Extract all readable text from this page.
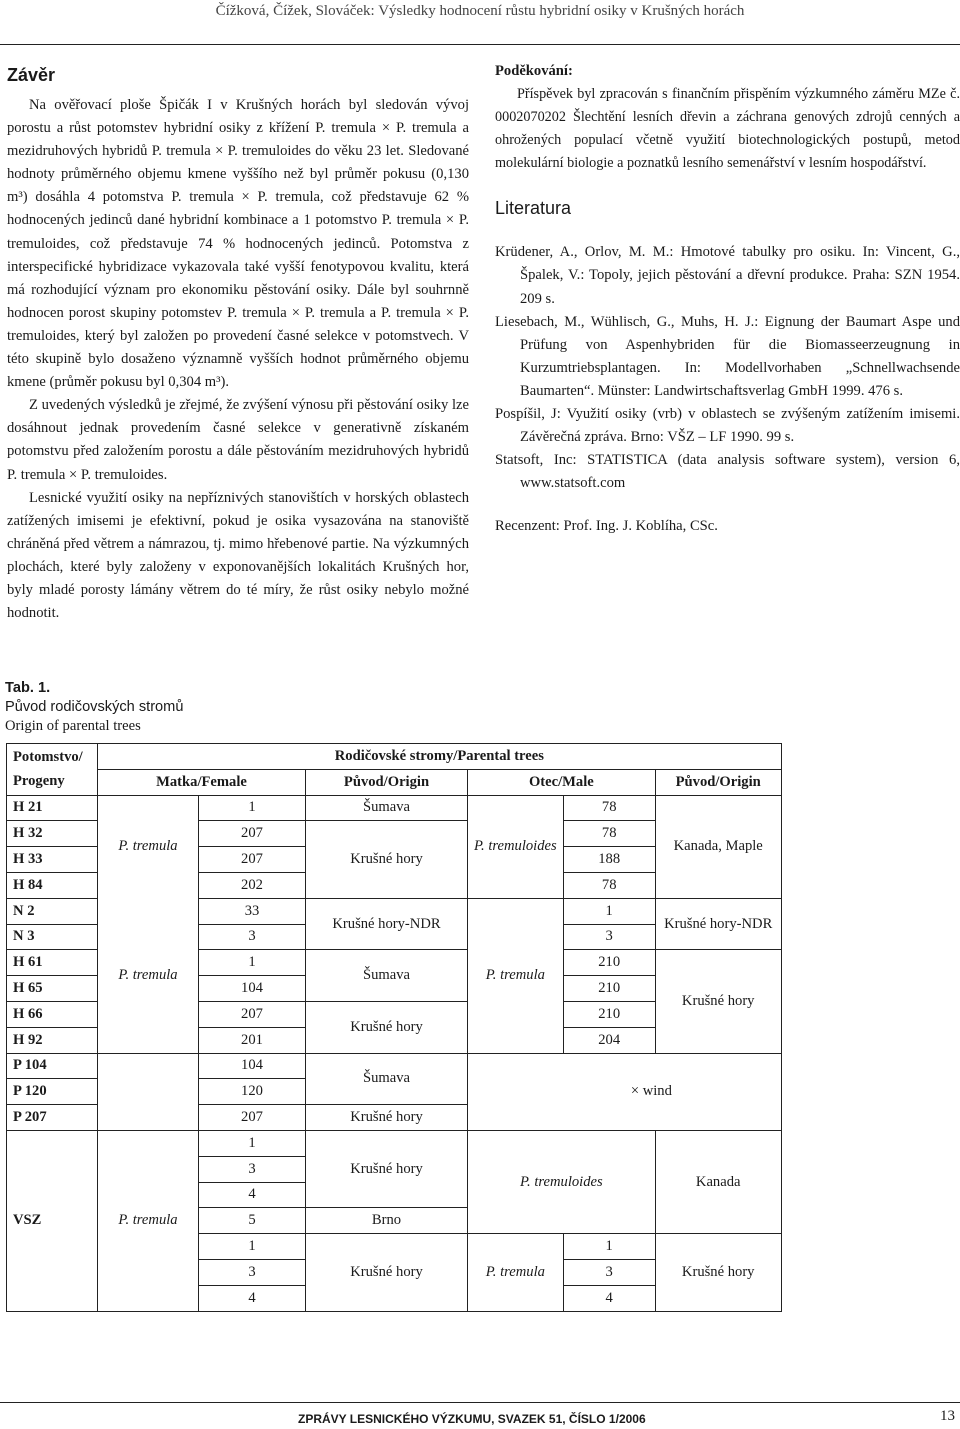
Čížková, Čížek, Slováček: Výsledky hodnocení růstu hybridní osiky v Krušných horách
Závěr

Na ověřovací ploše Špičák I v Krušných horách byl sledován vývoj porostu a růst potomstev hybridní osiky z křížení P. tremula × P. tremula a mezidruhových hybridů P. tremula × P. tremuloides do věku 23 let. Sledované hodnoty průměrného objemu kmene vyššího než byl průměr pokusu (0,130 m³) dosáhla 4 potomstva P. tremula × P. tremula, což představuje 62 % hodnocených jedinců dané hybridní kombinace a 1 potomstvo P. tremula × P. tremuloides, což představuje 74 % hodnocených jedinců. Potomstva z interspecifické hybridizace vykazovala také vyšší fenotypovou kvalitu, která má rozhodující význam pro ekonomiku pěstování osiky. Dále byl souhrnně hodnocen porost skupiny potomstev P. tremula × P. tremula a P. tremula × P. tremuloides, který byl založen po provedení časné selekce v potomstvech. V této skupině bylo dosaženo významně vyšších hodnot průměrného objemu kmene (průměr pokusu byl 0,304 m³).

Z uvedených výsledků je zřejmé, že zvýšení výnosu při pěstování osiky lze dosáhnout jednak provedením časné selekce v generativně získaném potomstvu před založením porostu a dále pěstováním mezidruhových hybridů P. tremula × P. tremuloides.

Lesnické využití osiky na nepříznivých stanovištích v horských oblastech zatížených imisemi je efektivní, pokud je osika vysazována na stanoviště chráněná před větrem a námrazou, tj. mimo hřebenové partie. Na výzkumných plochách, které byly založeny v exponovanějších lokalitách Krušných hor, byly mladé porosty lámány větrem do té míry, že růst osiky nebylo možné hodnotit.

Poděkování:

Příspěvek byl zpracován s finančním přispěním výzkumného záměru MZe č. 0002070202 Šlechtění lesních dřevin a záchrana genových zdrojů cenných a ohrožených populací včetně využití biotechnologických postupů, metod molekulární biologie a poznatků lesního semenářství v lesním hospodářství.

Literatura

Krüdener, A., Orlov, M. M.: Hmotové tabulky pro osiku. In: Vincent, G., Špalek, V.: Topoly, jejich pěstování a dřevní produkce. Praha: SZN 1954. 209 s.

Liesebach, M., Wühlisch, G., Muhs, H. J.: Eignung der Baumart Aspe und Prüfung von Aspenhybriden für die Biomasseerzeugnung in Kurzumtriebsplantagen. In: Modellvorhaben „Schnellwachsende Baumarten“. Münster: Landwirtschaftsverlag GmbH 1999. 476 s.

Pospíšil, J: Využití osiky (vrb) v oblastech se zvýšeným zatížením imisemi. Závěrečná zpráva. Brno: VŠZ – LF 1990. 99 s.

Statsoft, Inc: STATISTICA (data analysis software system), version 6, www.statsoft.com

Recenzent: Prof. Ing. J. Koblíha, CSc.

Tab. 1.
Původ rodičovských stromů
Origin of parental trees
Potomstvo/ Progeny	Rodičovské stromy/Parental trees					
	Matka/Female		Původ/Origin	Otec/Male		Původ/Origin
H 21	P. tremula	1	Šumava	P. tremuloides	78	Kanada, Maple
H 32		207	Krušné hory		78	
H 33		207			188	
H 84		202			78	
N 2	P. tremula	33	Krušné hory-NDR	P. tremula	1	Krušné hory-NDR
N 3		3			3	
H 61		1	Šumava		210	Krušné hory
H 65		104			210	
H 66		207	Krušné hory		210	
H 92		201			204	
P 104		104	Šumava	× wind		
P 120		120				
P 207		207	Krušné hory			
VSZ	P. tremula	1	Krušné hory	P. tremuloides		Kanada
		3				
		4				
		5	Brno			
		1	Krušné hory	P. tremula	1	Krušné hory
		3			3	
		4			4	
ZPRÁVY LESNICKÉHO VÝZKUMU, SVAZEK 51, ČÍSLO 1/2006	13
